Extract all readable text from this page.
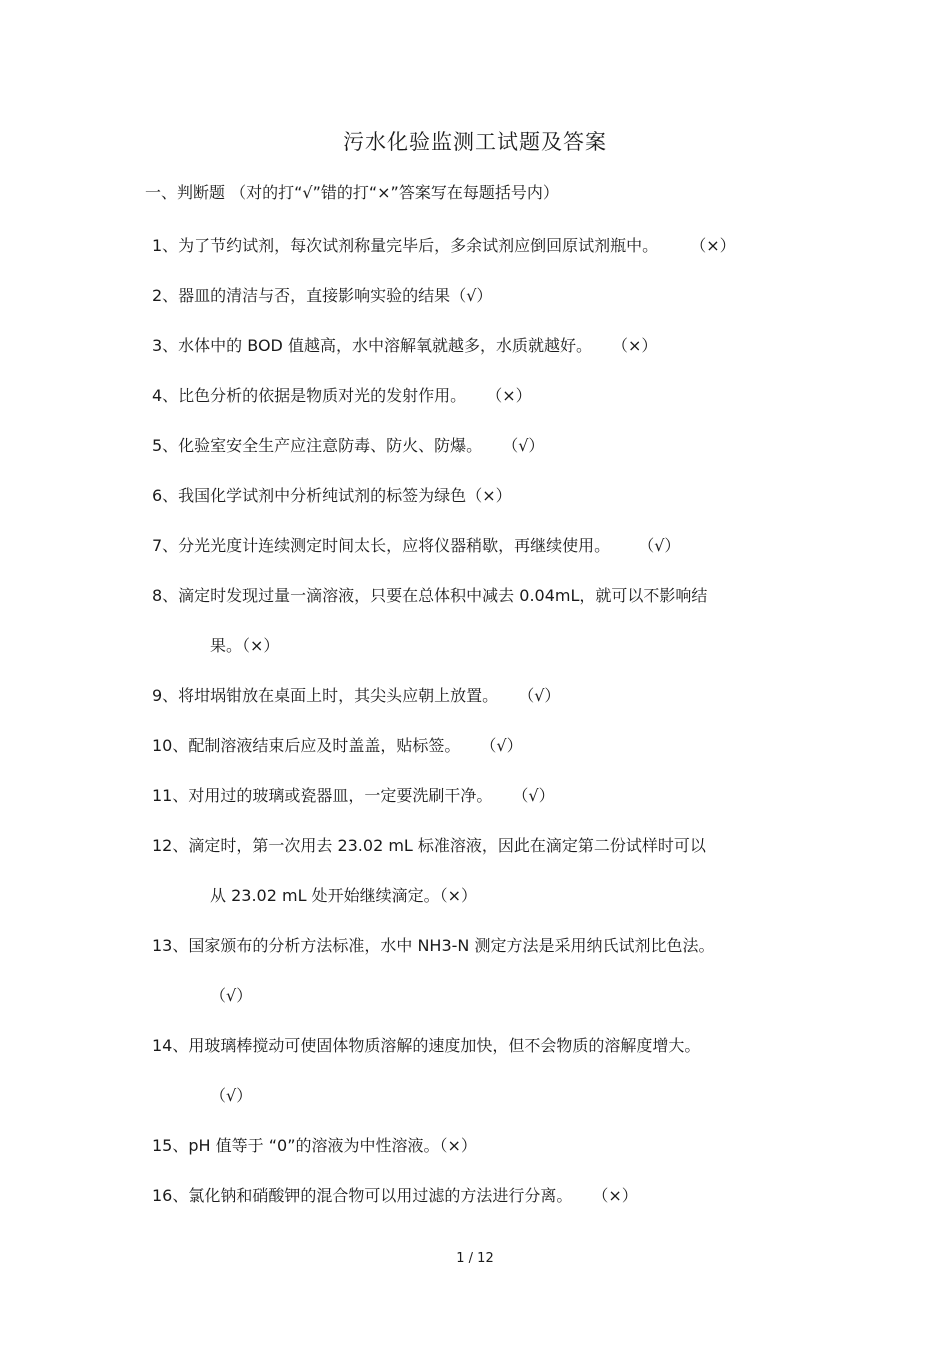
污水化验监测工试题及答案
一、判断题 （对的打“√”错的打“×”答案写在每题括号内）
1、为了节约试剂，每次试剂称量完毕后，多余试剂应倒回原试剂瓶中。	（×）
2、器皿的清洁与否，直接影响实验的结果（√）
3、水体中的 BOD 值越高，水中溶解氧就越多，水质就越好。 （×）
4、比色分析的依据是物质对光的发射作用。 （×）
5、化验室安全生产应注意防毒、防火、防爆。 （√）
6、我国化学试剂中分析纯试剂的标签为绿色（×）
7、分光光度计连续测定时间太长，应将仪器稍歇，再继续使用。 （√）
8、滴定时发现过量一滴溶液，只要在总体积中减去 0.04mL，就可以不影响结
果。（×）
9、将坩埚钳放在桌面上时，其尖头应朝上放置。 （√）
10、配制溶液结束后应及时盖盖，贴标签。 （√）
11、对用过的玻璃或瓷器皿，一定要洗刷干净。 （√）
12、滴定时，第一次用去 23.02 mL 标准溶液，因此在滴定第二份试样时可以
从 23.02 mL 处开始继续滴定。（×）
13、国家颁布的分析方法标准，水中 NH3-N 测定方法是采用纳氏试剂比色法。
（√）
14、用玻璃棒搅动可使固体物质溶解的速度加快，但不会物质的溶解度增大。
（√）
15、pH 值等于 “0”的溶液为中性溶液。（×）
16、氯化钠和硝酸钾的混合物可以用过滤的方法进行分离。 （×）
1 / 12
